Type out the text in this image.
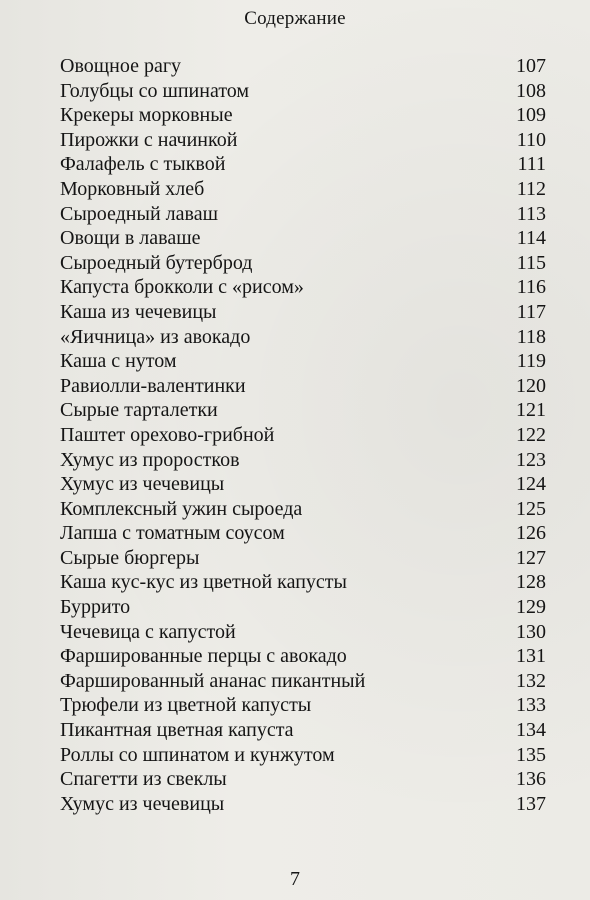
Содержание
Овощное рагу	107
Голубцы со шпинатом	108
Крекеры морковные	109
Пирожки с начинкой	110
Фалафель с тыквой	111
Морковный хлеб	112
Сыроедный лаваш	113
Овощи в лаваше	114
Сыроедный бутерброд	115
Капуста брокколи с «рисом»	116
Каша из чечевицы	117
«Яичница» из авокадо	118
Каша с нутом	119
Равиолли-валентинки	120
Сырые тарталетки	121
Паштет орехово-грибной	122
Хумус из проростков	123
Хумус из чечевицы	124
Комплексный ужин сыроеда	125
Лапша с томатным соусом	126
Сырые бюргеры	127
Каша кус-кус из цветной капусты	128
Буррито	129
Чечевица с капустой	130
Фаршированные перцы с авокадо	131
Фаршированный ананас пикантный	132
Трюфели из цветной капусты	133
Пикантная цветная капуста	134
Роллы со шпинатом и кунжутом	135
Спагетти из свеклы	136
Хумус из чечевицы	137
7
